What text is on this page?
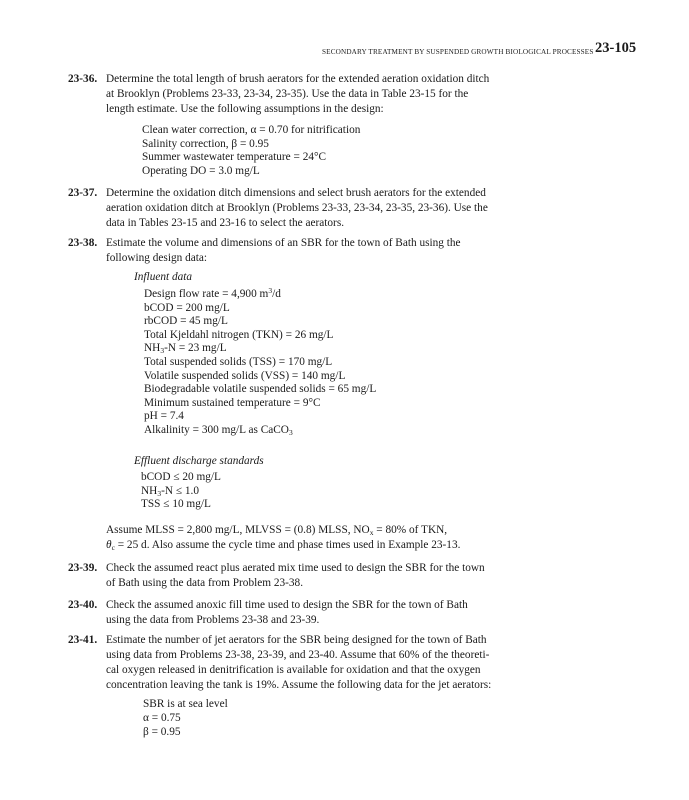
SECONDARY TREATMENT BY SUSPENDED GROWTH BIOLOGICAL PROCESSES 23-105
23-36. Determine the total length of brush aerators for the extended aeration oxidation ditch
at Brooklyn (Problems 23-33, 23-34, 23-35). Use the data in Table 23-15 for the
length estimate. Use the following assumptions in the design:
Clean water correction, α = 0.70 for nitrification
Salinity correction, β = 0.95
Summer wastewater temperature = 24°C
Operating DO = 3.0 mg/L
23-37. Determine the oxidation ditch dimensions and select brush aerators for the extended
aeration oxidation ditch at Brooklyn (Problems 23-33, 23-34, 23-35, 23-36). Use the
data in Tables 23-15 and 23-16 to select the aerators.
23-38. Estimate the volume and dimensions of an SBR for the town of Bath using the
following design data:
Influent data
Design flow rate = 4,900 $m^3/d$
bCOD = 200 mg/L
rbCOD = 45 mg/L
Total Kjeldahl nitrogen (TKN) = 26 mg/L
$NH_3-N = 23$ mg/L
Total suspended solids (TSS) = 170 mg/L
Volatile suspended solids (VSS) = 140 mg/L
Biodegradable volatile suspended solids = 65 mg/L
Minimum sustained temperature = 9°C
pH = 7.4
Alkalinity = 300 mg/L as CaCO$_3$
Effluent discharge standards
bCOD ≤ 20 mg/L
$NH_3-N \le 1.0$
TSS ≤ 10 mg/L
Assume MLSS = 2,800 mg/L, MLVSS = (0.8) MLSS, $NO_x = 80\%$ of TKN,
$\theta_c = 25$ d. Also assume the cycle time and phase times used in Example 23-13.
23-39. Check the assumed react plus aerated mix time used to design the SBR for the town
of Bath using the data from Problem 23-38.
23-40. Check the assumed anoxic fill time used to design the SBR for the town of Bath
using the data from Problems 23-38 and 23-39.
23-41. Estimate the number of jet aerators for the SBR being designed for the town of Bath
using data from Problems 23-38, 23-39, and 23-40. Assume that 60% of the theoreti-
cal oxygen released in denitrification is available for oxidation and that the oxygen
concentration leaving the tank is 19%. Assume the following data for the jet aerators:
SBR is at sea level
α = 0.75
β = 0.95
